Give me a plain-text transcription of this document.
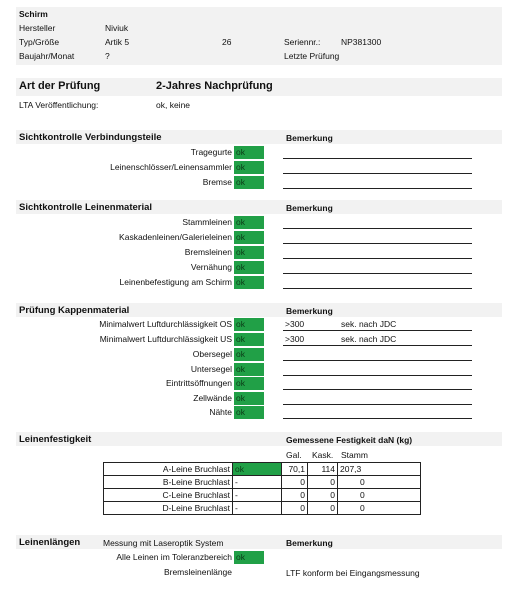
Schirm
Hersteller	Niviuk
Typ/Größe	Artik 5	26	Seriennr.: NP381300
Baujahr/Monat	?	Letzte Prüfung
Art der Prüfung	2-Jahres Nachprüfung
LTA Veröffentlichung:	ok, keine
Sichtkontrolle Verbindungsteile	Bemerkung
Tragegurte ok
Leinenschlösser/Leinensammler ok
Bremse ok
Sichtkontrolle Leinenmaterial	Bemerkung
Stammleinen ok
Kaskadenleinen/Galerieleinen ok
Bremsleinen ok
Vernähung ok
Leinenbefestigung am Schirm ok
Prüfung Kappenmaterial	Bemerkung
Minimalwert Luftdurchlässigkeit OS ok	>300	sek. nach JDC
Minimalwert Luftdurchlässigkeit US ok	>300	sek. nach JDC
Obersegel ok
Untersegel ok
Eintrittsöffnungen ok
Zellwände ok
Nähte ok
Leinenfestigkeit	Gemessene Festigkeit daN (kg)
Gal. Kask. Stamm
A-Leine Bruchlast ok	70,1	114 207,3
B-Leine Bruchlast -	0	0	0
C-Leine Bruchlast -	0	0	0
D-Leine Bruchlast -	0	0	0
Leinenlängen	Messung mit Laseroptik System	Bemerkung
Alle Leinen im Toleranzbereich ok
Bremsleinenlänge	LTF konform bei Eingangsmessung
